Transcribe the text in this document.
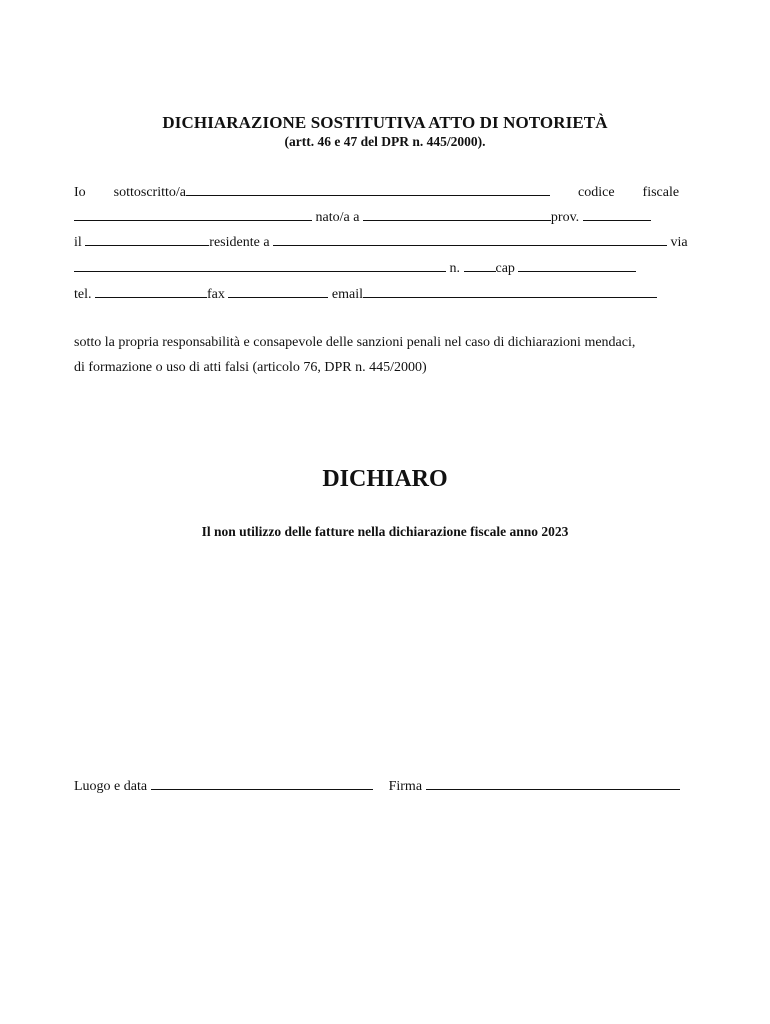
DICHIARAZIONE SOSTITUTIVA ATTO DI NOTORIETÀ
(artt. 46 e 47 del DPR n. 445/2000).
Io sottoscritto/a	codice fiscale
nato/a a	prov.
il	residente a	via
n.	cap
tel.	fax	email
sotto la propria responsabilità e consapevole delle sanzioni penali nel caso di dichiarazioni mendaci,
di formazione o uso di atti falsi (articolo 76, DPR n. 445/2000)
DICHIARO
Il non utilizzo delle fatture nella dichiarazione fiscale anno 2023
Luogo e data	Firma
